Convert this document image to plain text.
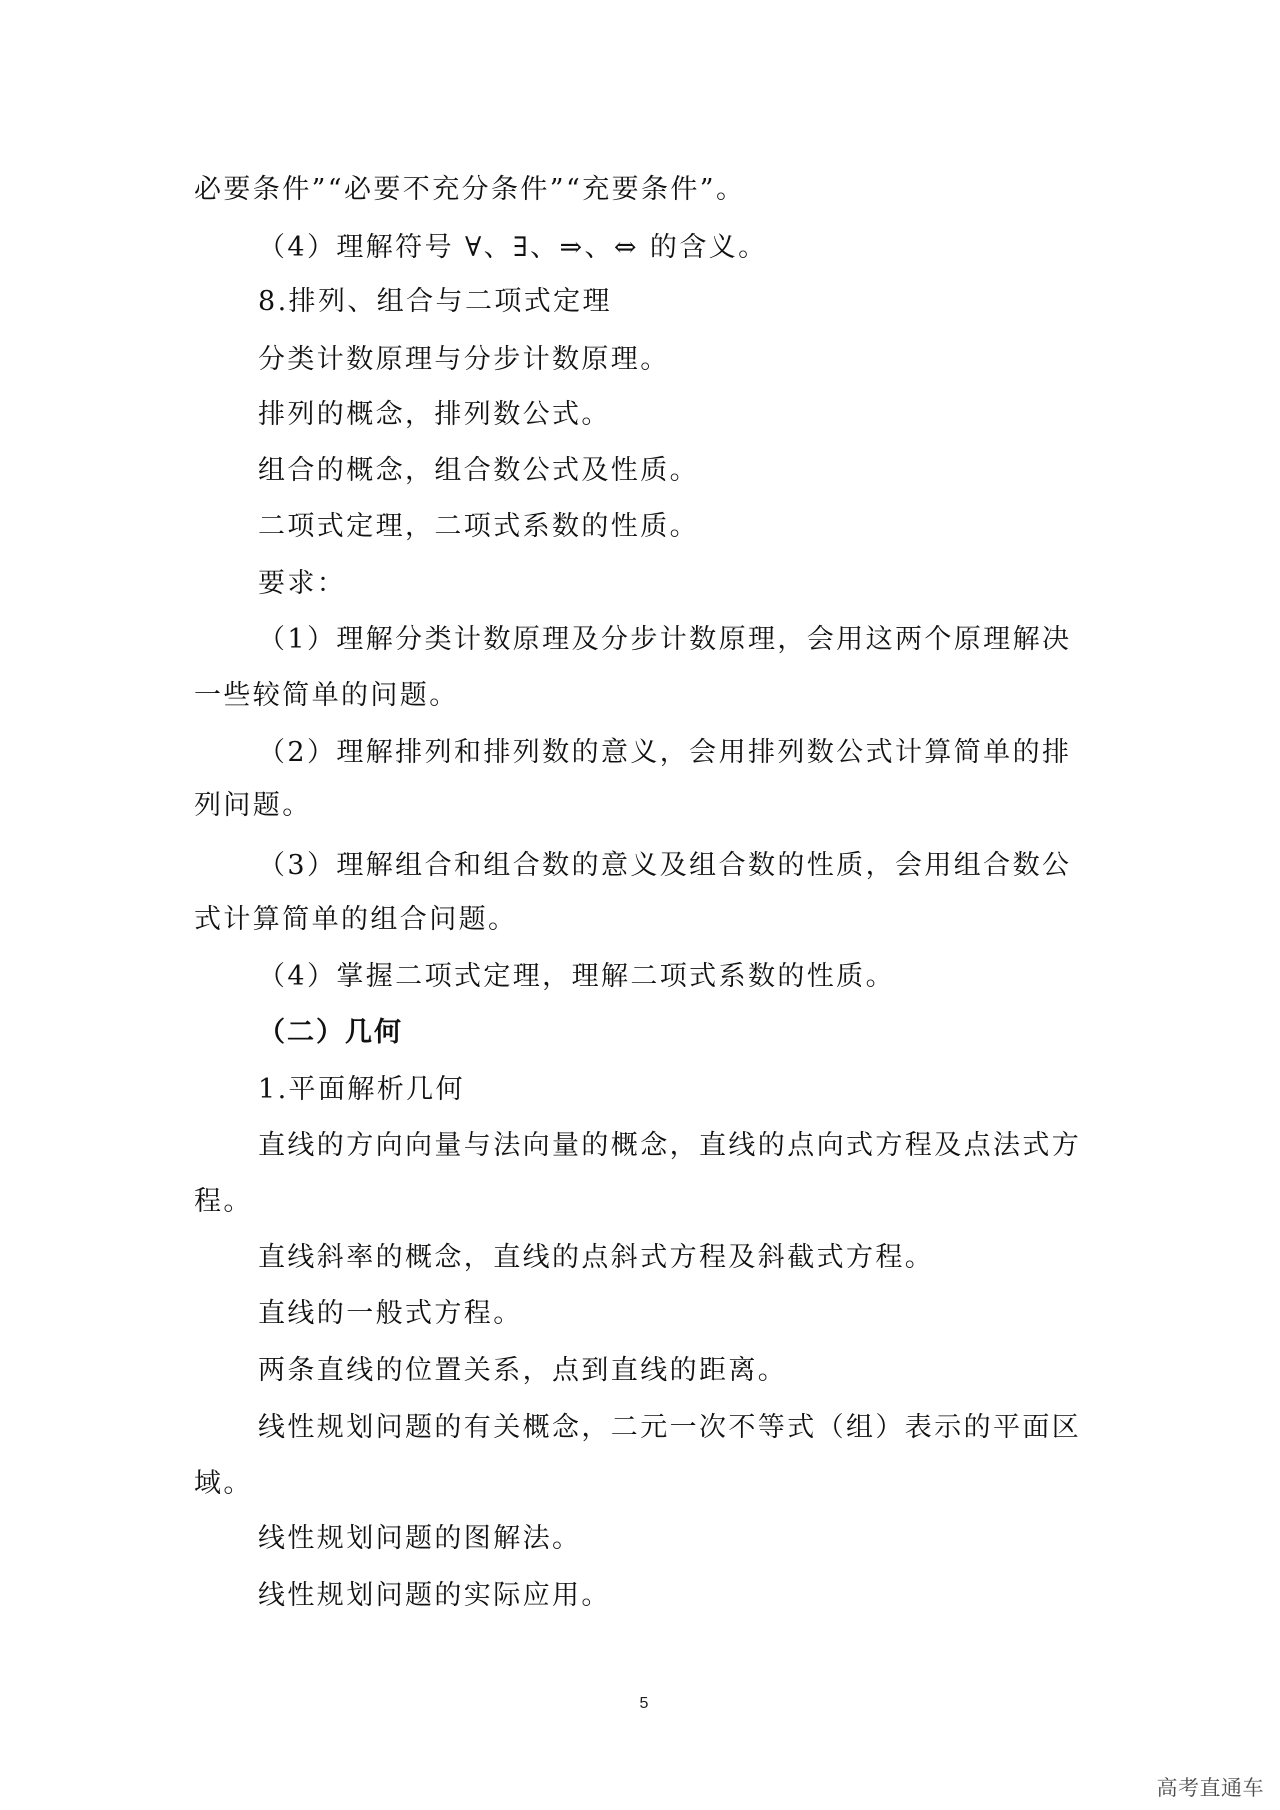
必要条件”“必要不充分条件”“充要条件”。
（4）理解符号 ∀、∃、⇒、⇔ 的含义。
8.排列、组合与二项式定理
分类计数原理与分步计数原理。
排列的概念，排列数公式。
组合的概念，组合数公式及性质。
二项式定理，二项式系数的性质。
要求：
（1）理解分类计数原理及分步计数原理，会用这两个原理解决
一些较简单的问题。
（2）理解排列和排列数的意义，会用排列数公式计算简单的排
列问题。
（3）理解组合和组合数的意义及组合数的性质，会用组合数公
式计算简单的组合问题。
（4）掌握二项式定理，理解二项式系数的性质。
（二）几何
1.平面解析几何
直线的方向向量与法向量的概念，直线的点向式方程及点法式方
程。
直线斜率的概念，直线的点斜式方程及斜截式方程。
直线的一般式方程。
两条直线的位置关系，点到直线的距离。
线性规划问题的有关概念，二元一次不等式（组）表示的平面区
域。
线性规划问题的图解法。
线性规划问题的实际应用。
5
高考直通车
